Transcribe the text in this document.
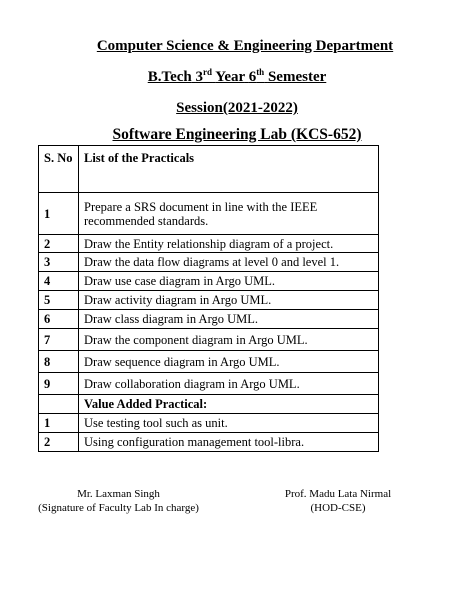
Computer Science & Engineering Department
B.Tech 3rd Year 6th Semester
Session(2021-2022)
Software Engineering Lab (KCS-652)
S. No	List of the Practicals
1	Prepare a SRS document in line with the IEEE recommended standards.
2	Draw the Entity relationship diagram of a project.
3	Draw the data flow diagrams at level 0 and level 1.
4	Draw use case diagram in Argo UML.
5	Draw activity diagram in Argo UML.
6	Draw class diagram in Argo UML.
7	Draw the component diagram in Argo UML.
8	Draw sequence diagram in Argo UML.
9	Draw collaboration diagram in Argo UML.
	Value Added Practical:
1	Use testing tool such as unit.
2	Using configuration management tool-libra.
Mr. Laxman Singh
(Signature of Faculty Lab In charge)
Prof. Madu Lata Nirmal
(HOD-CSE)
